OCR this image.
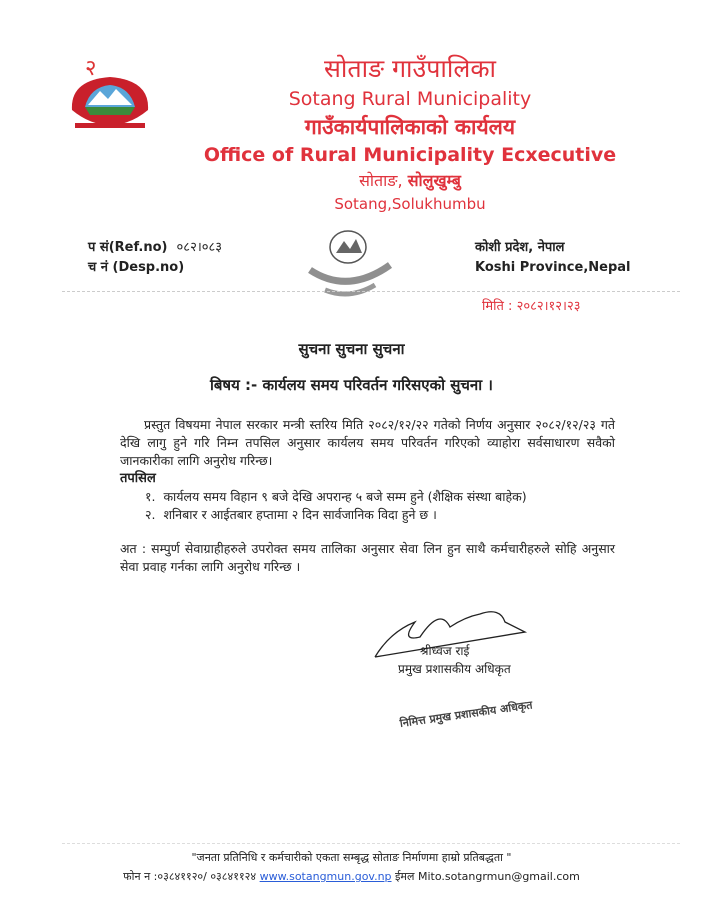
२	सोताङ गाउँपालिका
Sotang Rural Municipality
गाउँकार्यपालिकाको कार्यलय
Office of Rural Municipality Ecxecutive
सोताङ, सोलुखुम्बु
Sotang,Solukhumbu
प सं(Ref.no) ०८२।०८३
च नं (Desp.no)
कोशी प्रदेश, नेपाल
Koshi Province,Nepal
मिति : २०८२।१२।२३
सुचना सुचना सुचना
बिषय :- कार्यलय समय परिवर्तन गरिसएको सुचना ।
प्रस्तुत विषयमा नेपाल सरकार मन्त्री स्तरिय मिति २०८२/१२/२२ गतेको निर्णय अनुसार २०८२/१२/२३ गते देखि लागु हुने गरि निम्न तपसिल अनुसार कार्यलय समय परिवर्तन गरिएको व्याहोरा सर्वसाधारण सवैको जानकारीका लागि अनुरोध गरिन्छ।
तपसिल
१. कार्यलय समय विहान ९ बजे देखि अपरान्ह ५ बजे सम्म हुने (शैक्षिक संस्था बाहेक)
२. शनिबार र आईतबार हप्तामा २ दिन सार्वजानिक विदा हुने छ ।
अत : सम्पुर्ण सेवाग्राहीहरुले उपरोक्त समय तालिका अनुसार सेवा लिन हुन साथै कर्मचारीहरुले सोहि अनुसार सेवा प्रवाह गर्नका लागि अनुरोध गरिन्छ ।
श्रीध्वज राई
प्रमुख प्रशासकीय अधिकृत
निमित्त प्रमुख प्रशासकीय अधिकृत
"जनता प्रतिनिधि र कर्मचारीको एकता सम्बृद्ध सोताङ निर्माणमा हाम्रो प्रतिबद्धता "
फोन न :०३८४११२०/ ०३८४११२४ www.sotangmun.gov.np ईमल Mito.sotangrmun@gmail.com
